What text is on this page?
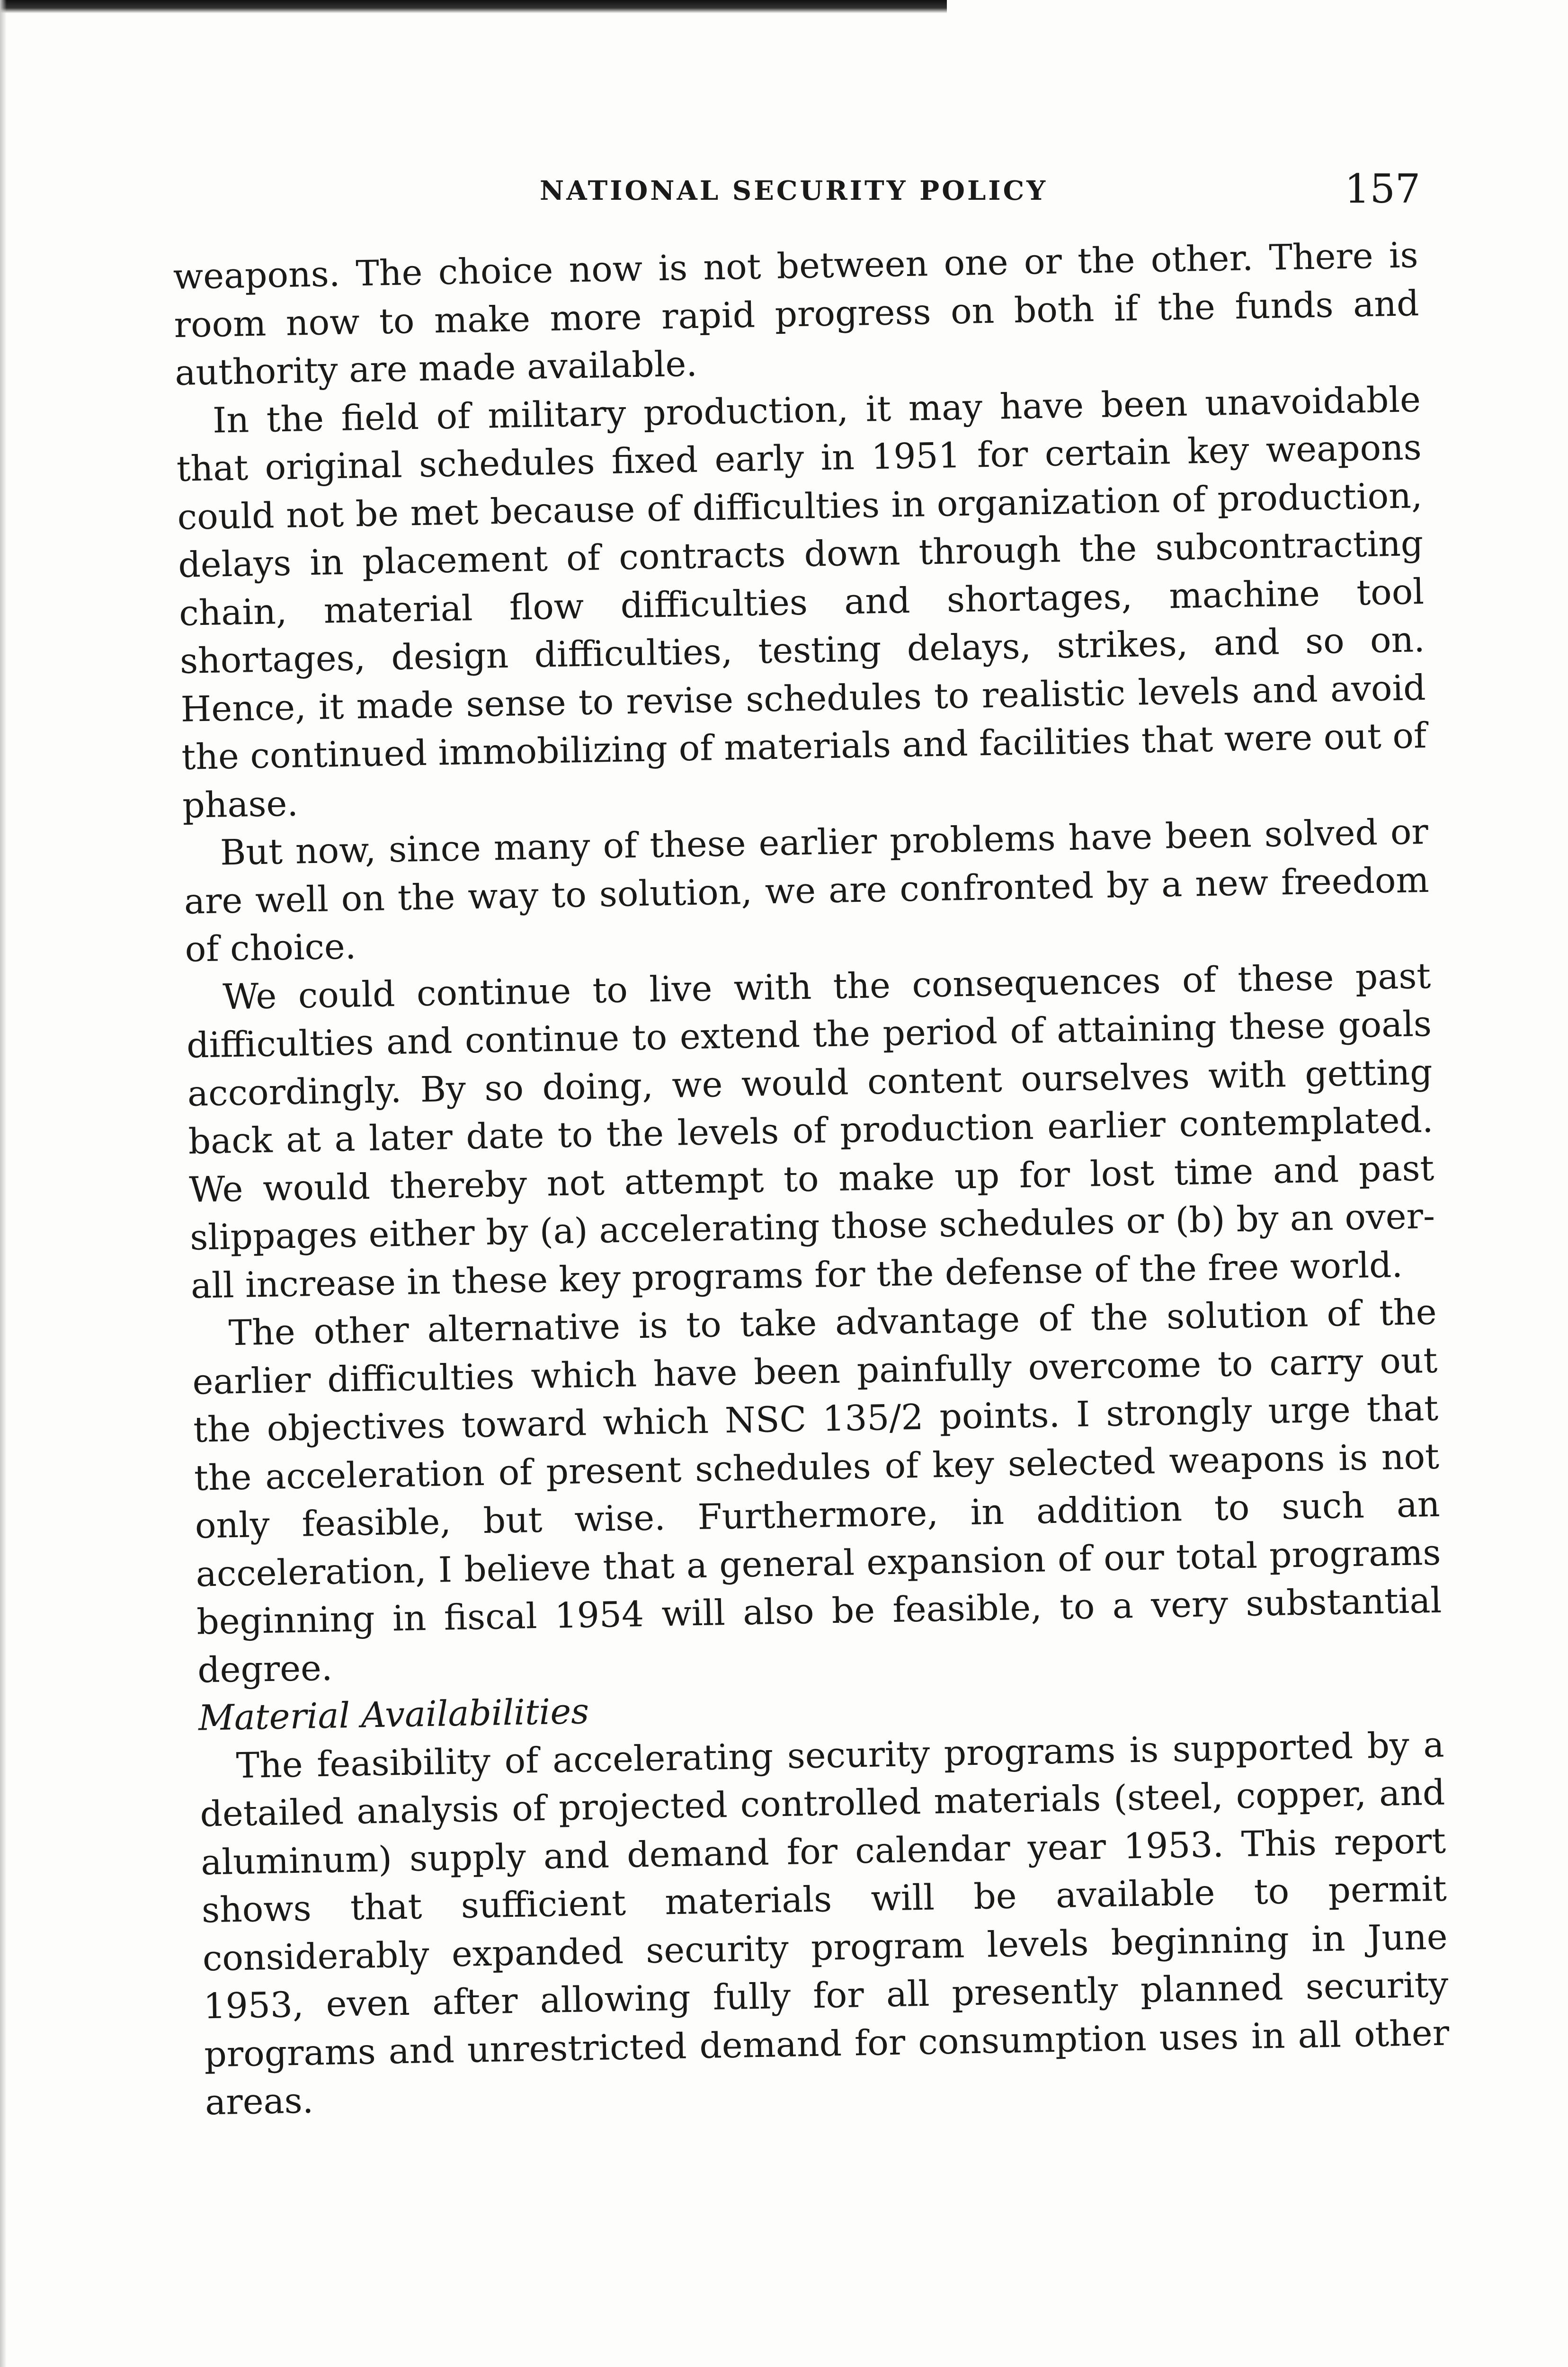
NATIONAL SECURITY POLICY	157

weapons. The choice now is not between one or the other. There is room now to make more rapid progress on both if the funds and authority are made available.

In the field of military production, it may have been unavoidable that original schedules fixed early in 1951 for certain key weapons could not be met because of difficulties in organization of production, delays in placement of contracts down through the subcontracting chain, material flow difficulties and shortages, machine tool shortages, design difficulties, testing delays, strikes, and so on. Hence, it made sense to revise schedules to realistic levels and avoid the continued immobilizing of materials and facilities that were out of phase.

But now, since many of these earlier problems have been solved or are well on the way to solution, we are confronted by a new freedom of choice.

We could continue to live with the consequences of these past difficulties and continue to extend the period of attaining these goals accordingly. By so doing, we would content ourselves with getting back at a later date to the levels of production earlier contemplated. We would thereby not attempt to make up for lost time and past slippages either by (a) accelerating those schedules or (b) by an over-all increase in these key programs for the defense of the free world.

The other alternative is to take advantage of the solution of the earlier difficulties which have been painfully overcome to carry out the objectives toward which NSC 135/2 points. I strongly urge that the acceleration of present schedules of key selected weapons is not only feasible, but wise. Furthermore, in addition to such an acceleration, I believe that a general expansion of our total programs beginning in fiscal 1954 will also be feasible, to a very substantial degree.

Material Availabilities

The feasibility of accelerating security programs is supported by a detailed analysis of projected controlled materials (steel, copper, and aluminum) supply and demand for calendar year 1953. This report shows that sufficient materials will be available to permit considerably expanded security program levels beginning in June 1953, even after allowing fully for all presently planned security programs and unrestricted demand for consumption uses in all other areas.
